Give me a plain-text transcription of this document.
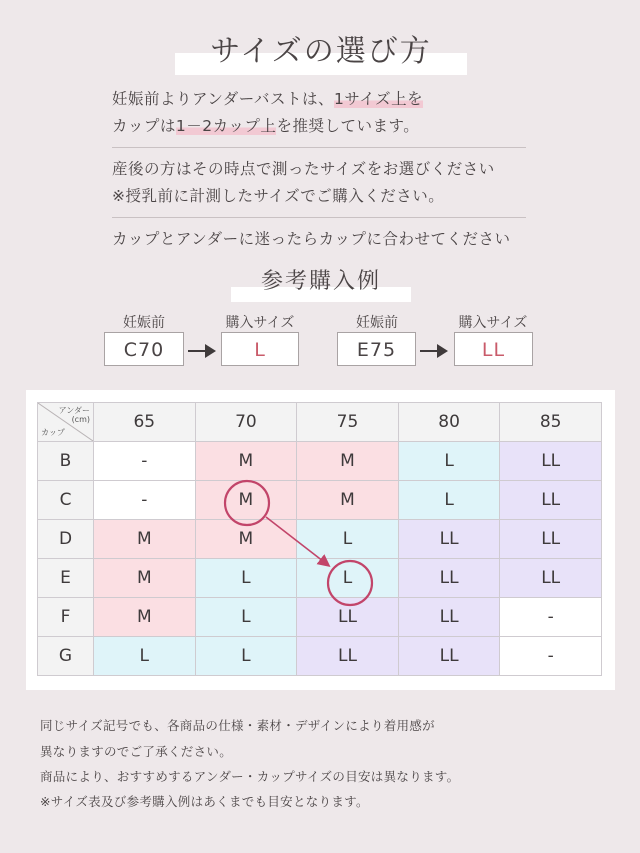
サイズの選び方
妊娠前よりアンダーバストは、1サイズ上を
カップは1－2カップ上を推奨しています。
産後の方はその時点で測ったサイズをお選びください
※授乳前に計測したサイズでご購入ください。
カップとアンダーに迷ったらカップに合わせてください
参考購入例
妊娠前
C70
購入サイズ
L
妊娠前
E75
購入サイズ
LL
アンダー
(cm)
カップ	65	70	75	80	85
B	-	M	M	L	LL
C	-	M	M	L	LL
D	M	M	L	LL	LL
E	M	L	L	LL	LL
F	M	L	LL	LL	-
G	L	L	LL	LL	-
同じサイズ記号でも、各商品の仕様・素材・デザインにより着用感が
異なりますのでご了承ください。
商品により、おすすめするアンダー・カップサイズの目安は異なります。
※サイズ表及び参考購入例はあくまでも目安となります。
